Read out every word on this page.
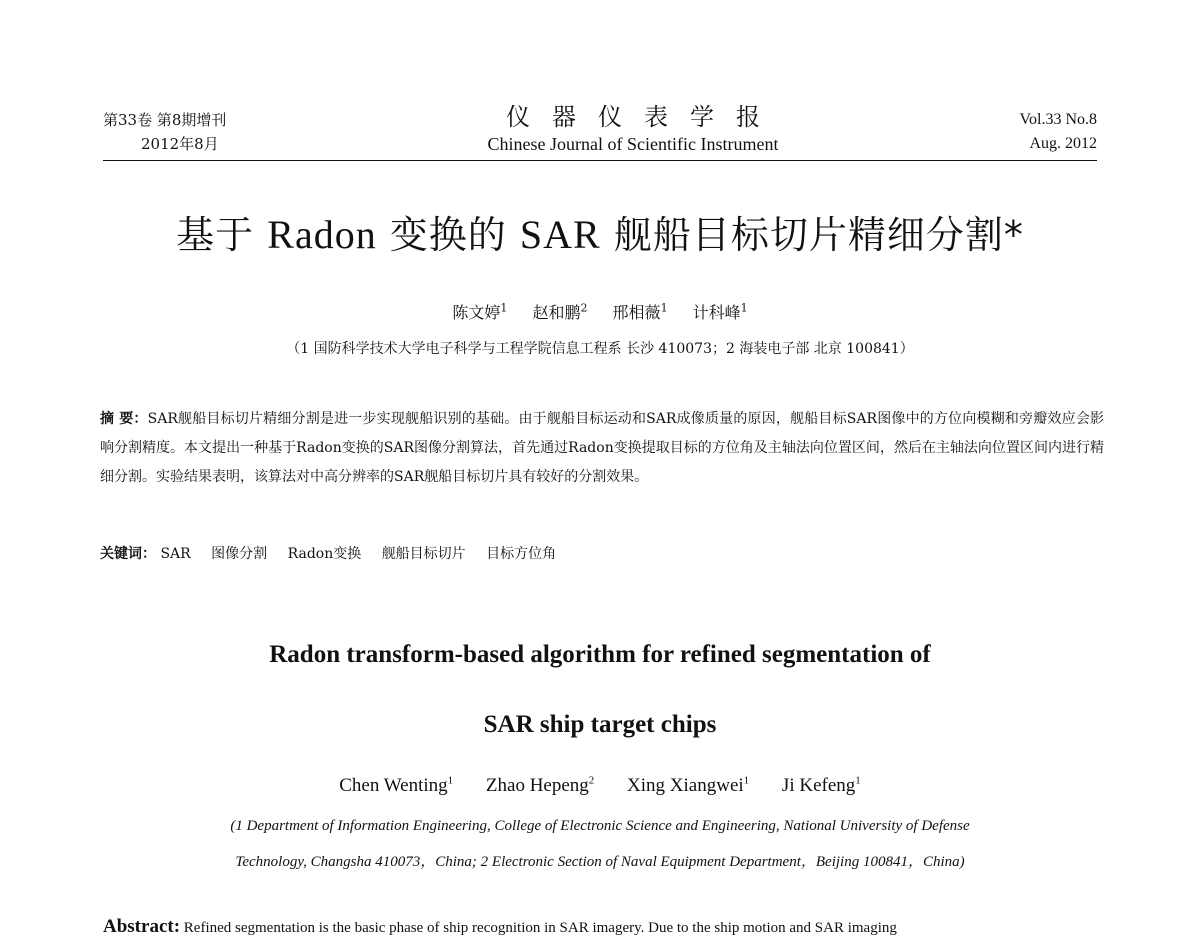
第33卷 第8期增刊
2012年8月
仪器仪表学报
Chinese Journal of Scientific Instrument
Vol.33 No.8
Aug. 2012
基于 Radon 变换的 SAR 舰船目标切片精细分割*
陈文婷$^1$ 赵和鹏$^2$ 邢相薇$^1$ 计科峰$^1$
（1 国防科学技术大学电子科学与工程学院信息工程系 长沙 410073；2 海装电子部 北京 100841）
摘 要：SAR舰船目标切片精细分割是进一步实现舰船识别的基础。由于舰船目标运动和SAR成像质量的原因，舰船目标SAR图像中的方位向模糊和旁瓣效应会影响分割精度。本文提出一种基于Radon变换的SAR图像分割算法，首先通过Radon变换提取目标的方位角及主轴法向位置区间，然后在主轴法向位置区间内进行精细分割。实验结果表明，该算法对中高分辨率的SAR舰船目标切片具有较好的分割效果。
关键词： SAR 图像分割 Radon变换 舰船目标切片 目标方位角
Radon transform-based algorithm for refined segmentation of
SAR ship target chips
Chen Wenting$^1$ Zhao Hepeng$^2$ Xing Xiangwei$^1$ Ji Kefeng$^1$
(1 Department of Information Engineering, College of Electronic Science and Engineering, National University of Defense
Technology, Changsha 410073，China; 2 Electronic Section of Naval Equipment Department，Beijing 100841，China)
Abstract: Refined segmentation is the basic phase of ship recognition in SAR imagery. Due to the ship motion and SAR imaging
